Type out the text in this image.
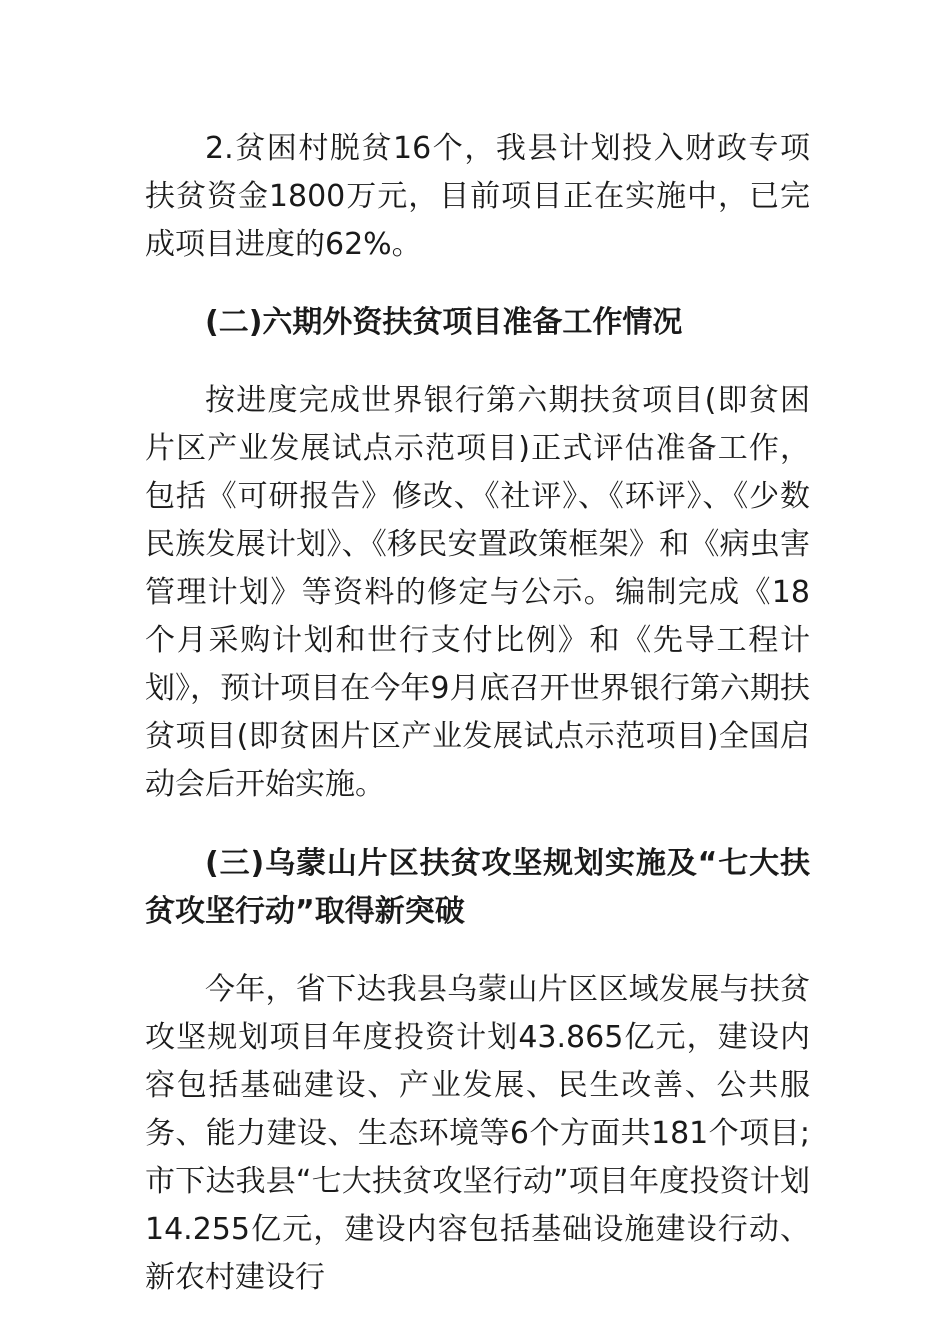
2.贫困村脱贫16个，我县计划投入财政专项扶贫资金1800万元，目前项目正在实施中，已完成项目进度的62%。

(二)六期外资扶贫项目准备工作情况

按进度完成世界银行第六期扶贫项目(即贫困片区产业发展试点示范项目)正式评估准备工作，包括《可研报告》修改、《社评》、《环评》、《少数民族发展计划》、《移民安置政策框架》和《病虫害管理计划》等资料的修定与公示。编制完成《18个月采购计划和世行支付比例》和《先导工程计划》，预计项目在今年9月底召开世界银行第六期扶贫项目(即贫困片区产业发展试点示范项目)全国启动会后开始实施。

(三)乌蒙山片区扶贫攻坚规划实施及“七大扶贫攻坚行动”取得新突破

今年，省下达我县乌蒙山片区区域发展与扶贫攻坚规划项目年度投资计划43.865亿元，建设内容包括基础建设、产业发展、民生改善、公共服务、能力建设、生态环境等6个方面共181个项目;市下达我县“七大扶贫攻坚行动”项目年度投资计划14.255亿元，建设内容包括基础设施建设行动、新农村建设行
